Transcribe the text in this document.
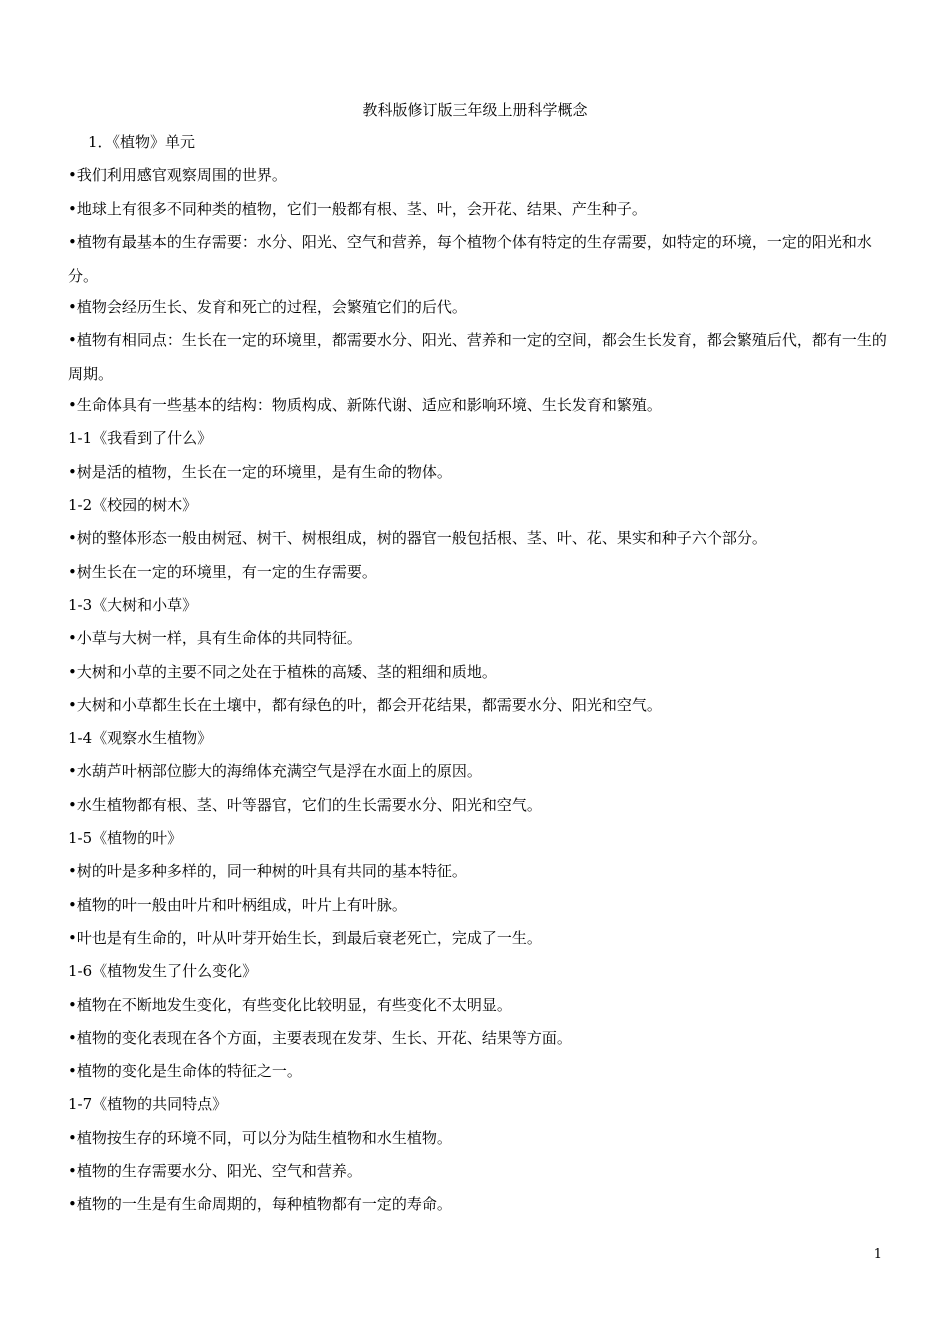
教科版修订版三年级上册科学概念
1．《植物》单元
•我们利用感官观察周围的世界。
•地球上有很多不同种类的植物，它们一般都有根、茎、叶，会开花、结果、产生种子。
•植物有最基本的生存需要：水分、阳光、空气和营养，每个植物个体有特定的生存需要，如特定的环境，一定的阳光和水分。
•植物会经历生长、发育和死亡的过程，会繁殖它们的后代。
•植物有相同点：生长在一定的环境里，都需要水分、阳光、营养和一定的空间，都会生长发育，都会繁殖后代，都有一生的周期。
•生命体具有一些基本的结构：物质构成、新陈代谢、适应和影响环境、生长发育和繁殖。
1-1《我看到了什么》
•树是活的植物，生长在一定的环境里，是有生命的物体。
1-2《校园的树木》
•树的整体形态一般由树冠、树干、树根组成，树的器官一般包括根、茎、叶、花、果实和种子六个部分。
•树生长在一定的环境里，有一定的生存需要。
1-3《大树和小草》
•小草与大树一样，具有生命体的共同特征。
•大树和小草的主要不同之处在于植株的高矮、茎的粗细和质地。
•大树和小草都生长在土壤中，都有绿色的叶，都会开花结果，都需要水分、阳光和空气。
1-4《观察水生植物》
•水葫芦叶柄部位膨大的海绵体充满空气是浮在水面上的原因。
•水生植物都有根、茎、叶等器官，它们的生长需要水分、阳光和空气。
1-5《植物的叶》
•树的叶是多种多样的，同一种树的叶具有共同的基本特征。
•植物的叶一般由叶片和叶柄组成，叶片上有叶脉。
•叶也是有生命的，叶从叶芽开始生长，到最后衰老死亡，完成了一生。
1-6《植物发生了什么变化》
•植物在不断地发生变化，有些变化比较明显，有些变化不太明显。
•植物的变化表现在各个方面，主要表现在发芽、生长、开花、结果等方面。
•植物的变化是生命体的特征之一。
1-7《植物的共同特点》
•植物按生存的环境不同，可以分为陆生植物和水生植物。
•植物的生存需要水分、阳光、空气和营养。
•植物的一生是有生命周期的，每种植物都有一定的寿命。
1
